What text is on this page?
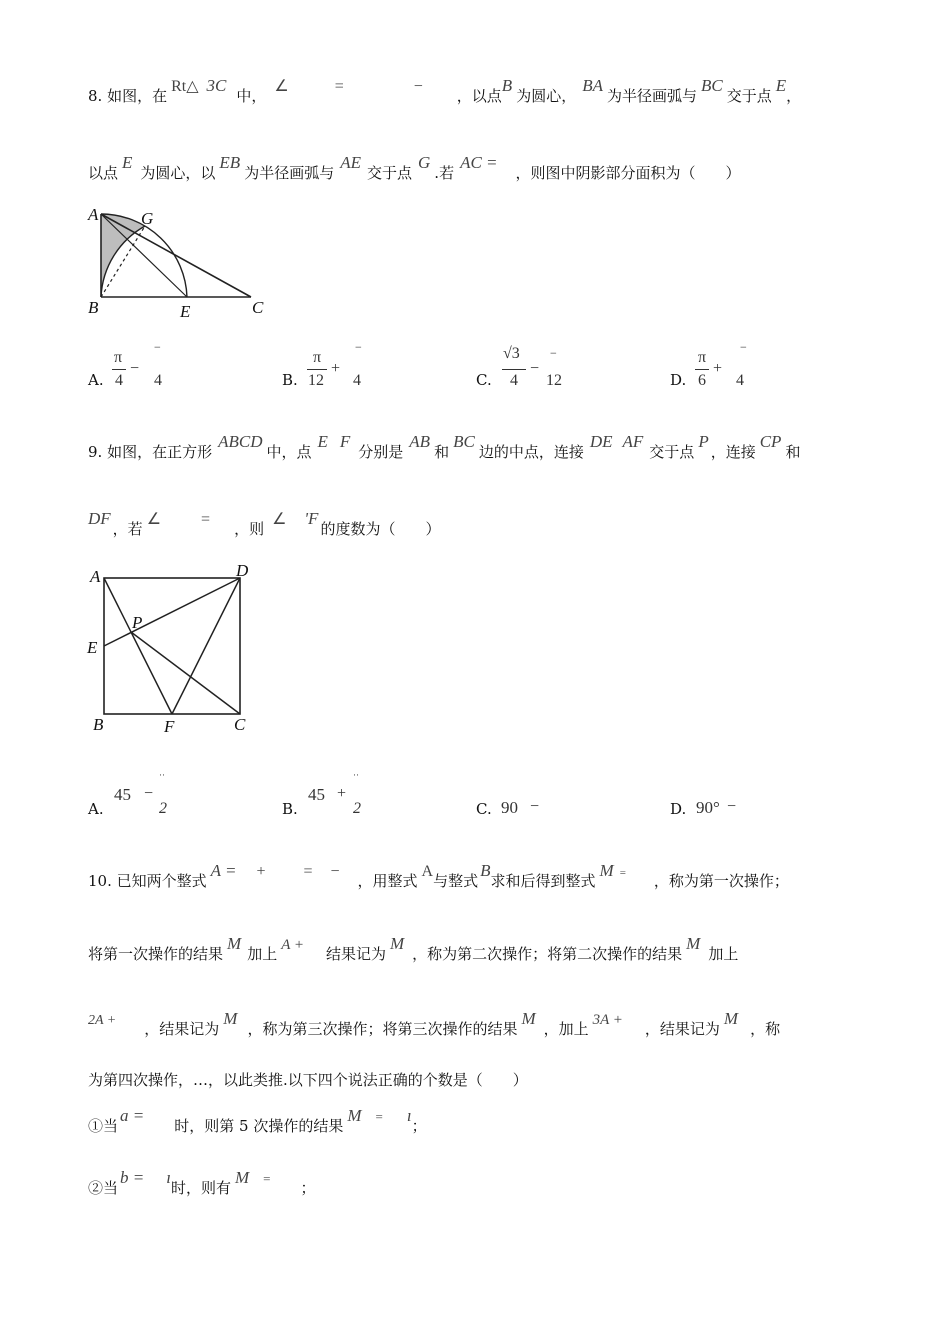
8. 如图，在Rt△ 3C中，∠	=	−，以点B为圆心，BA为半径画弧与BC交于点E，
以点E为圆心，以EB为半径画弧与AE交于点G.若AC =，则图中阴影部分面积为（　　）
A	G
B	E	C
A.
π
4
−
−
4	B.
π
12
+
−
4	C.
√3
4
−
−
12	D.
π
6
+
−
4
9. 如图，在正方形ABCD中，点E F分别是AB和BC边的中点，连接DE AF交于点P，连接CP和
DF，若∠	=，则∠ 'F的度数为（　　）
A	D
P
E
B	F	C
A.
45 −
··
2	B.
45 +
··
2	C. 90 −	D. 90° −
10. 已知两个整式A = + = −，用整式A与整式B求和后得到整式M = ，称为第一次操作；
将第一次操作的结果M加上 A + 结果记为M，称为第二次操作；将第二次操作的结果M加上
2A + ，结果记为M，称为第三次操作；将第三次操作的结果M，加上 3A + ，结果记为M，称
为第四次操作，…，以此类推.以下四个说法正确的个数是（　　）
①当a =时，则第 5 次操作的结果M = ı；
②当b = ı时，则有M =；
